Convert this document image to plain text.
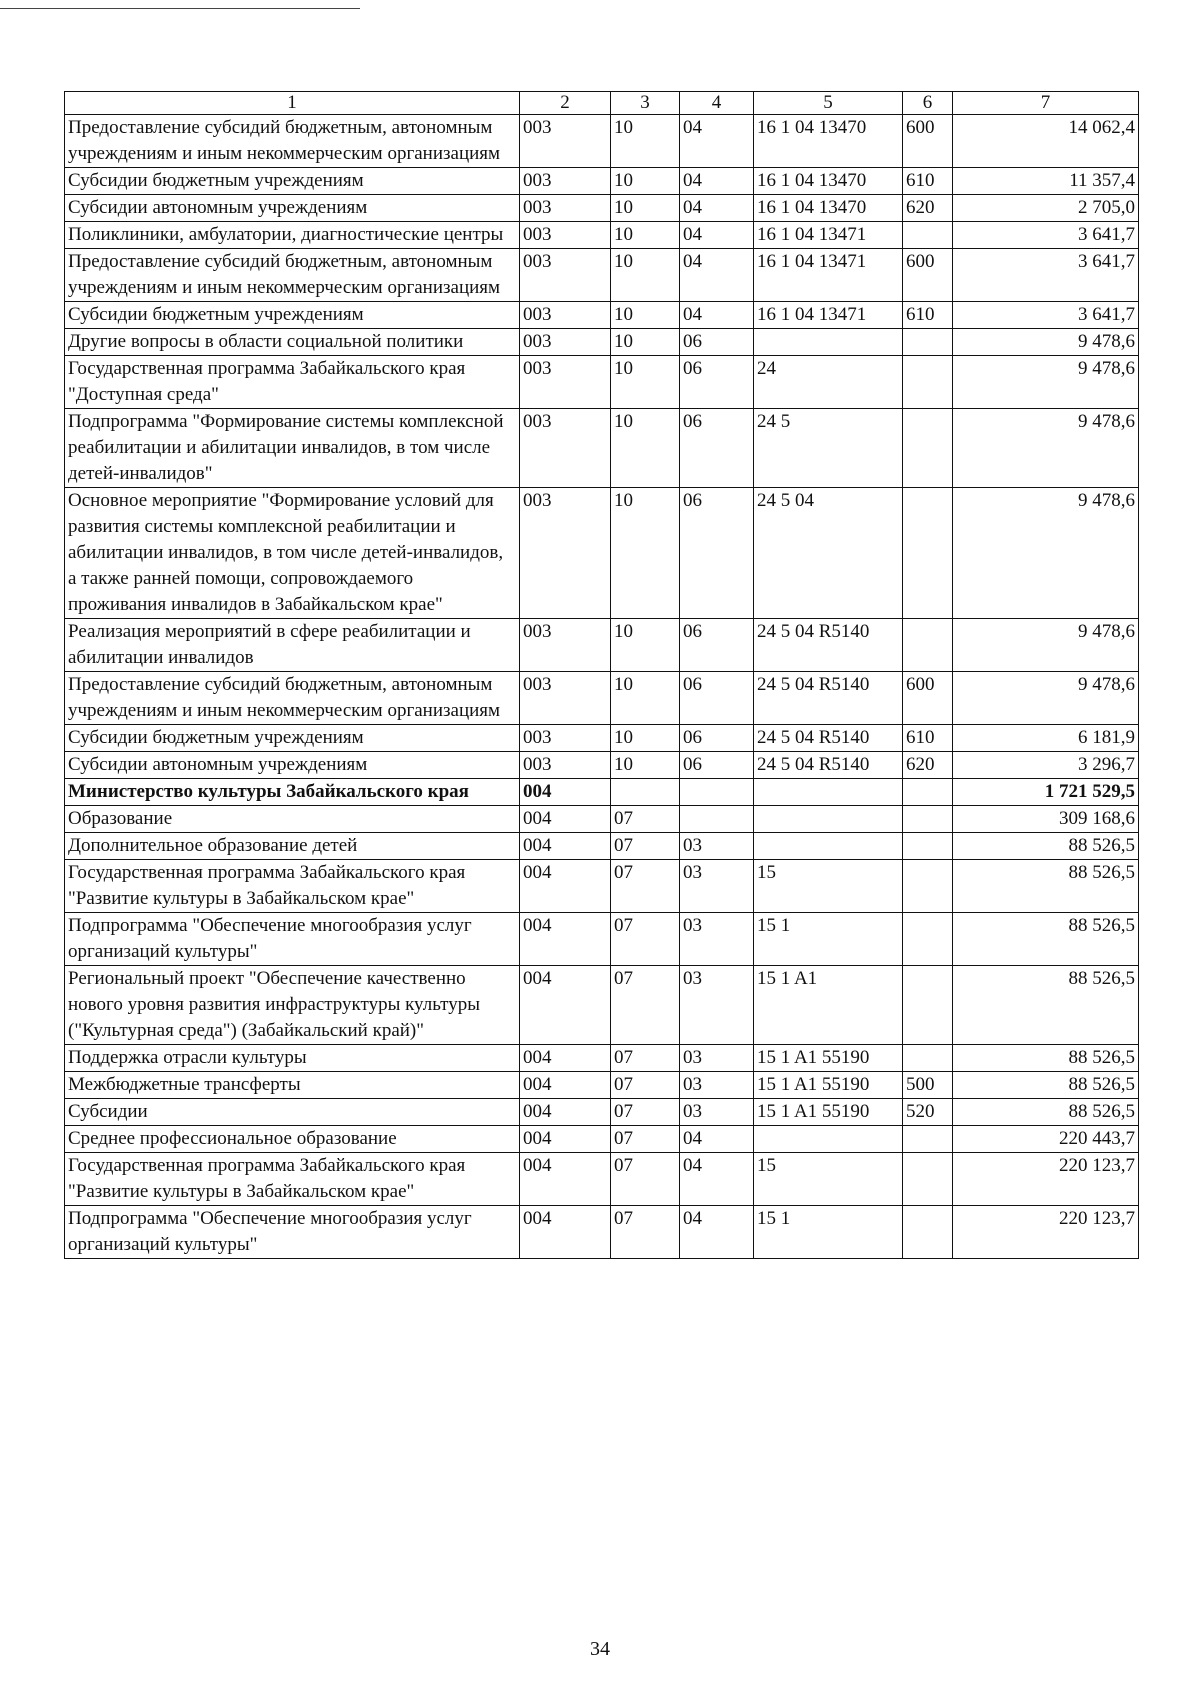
1	2	3	4	5	6	7
Предоставление субсидий бюджетным, автономным учреждениям и иным некоммерческим организациям	003	10	04	16 1 04 13470	600	14 062,4
Субсидии бюджетным учреждениям	003	10	04	16 1 04 13470	610	11 357,4
Субсидии автономным учреждениям	003	10	04	16 1 04 13470	620	2 705,0
Поликлиники, амбулатории, диагностические центры	003	10	04	16 1 04 13471		3 641,7
Предоставление субсидий бюджетным, автономным учреждениям и иным некоммерческим организациям	003	10	04	16 1 04 13471	600	3 641,7
Субсидии бюджетным учреждениям	003	10	04	16 1 04 13471	610	3 641,7
Другие вопросы в области социальной политики	003	10	06			9 478,6
Государственная программа Забайкальского края "Доступная среда"	003	10	06	24		9 478,6
Подпрограмма "Формирование системы комплексной реабилитации и абилитации инвалидов, в том числе детей-инвалидов"	003	10	06	24 5		9 478,6
Основное мероприятие "Формирование условий для развития системы комплексной реабилитации и абилитации инвалидов, в том числе детей-инвалидов, а также ранней помощи, сопровождаемого проживания инвалидов в Забайкальском крае"	003	10	06	24 5 04		9 478,6
Реализация мероприятий в сфере реабилитации и абилитации инвалидов	003	10	06	24 5 04 R5140		9 478,6
Предоставление субсидий бюджетным, автономным учреждениям и иным некоммерческим организациям	003	10	06	24 5 04 R5140	600	9 478,6
Субсидии бюджетным учреждениям	003	10	06	24 5 04 R5140	610	6 181,9
Субсидии автономным учреждениям	003	10	06	24 5 04 R5140	620	3 296,7
Министерство культуры Забайкальского края	004					1 721 529,5
Образование	004	07				309 168,6
Дополнительное образование детей	004	07	03			88 526,5
Государственная программа Забайкальского края "Развитие культуры в Забайкальском крае"	004	07	03	15		88 526,5
Подпрограмма "Обеспечение многообразия услуг организаций культуры"	004	07	03	15 1		88 526,5
Региональный проект "Обеспечение качественно нового уровня развития инфраструктуры культуры ("Культурная среда") (Забайкальский край)"	004	07	03	15 1 A1		88 526,5
Поддержка отрасли культуры	004	07	03	15 1 A1 55190		88 526,5
Межбюджетные трансферты	004	07	03	15 1 A1 55190	500	88 526,5
Субсидии	004	07	03	15 1 A1 55190	520	88 526,5
Среднее профессиональное образование	004	07	04			220 443,7
Государственная программа Забайкальского края "Развитие культуры в Забайкальском крае"	004	07	04	15		220 123,7
Подпрограмма "Обеспечение многообразия услуг организаций культуры"	004	07	04	15 1		220 123,7
34
